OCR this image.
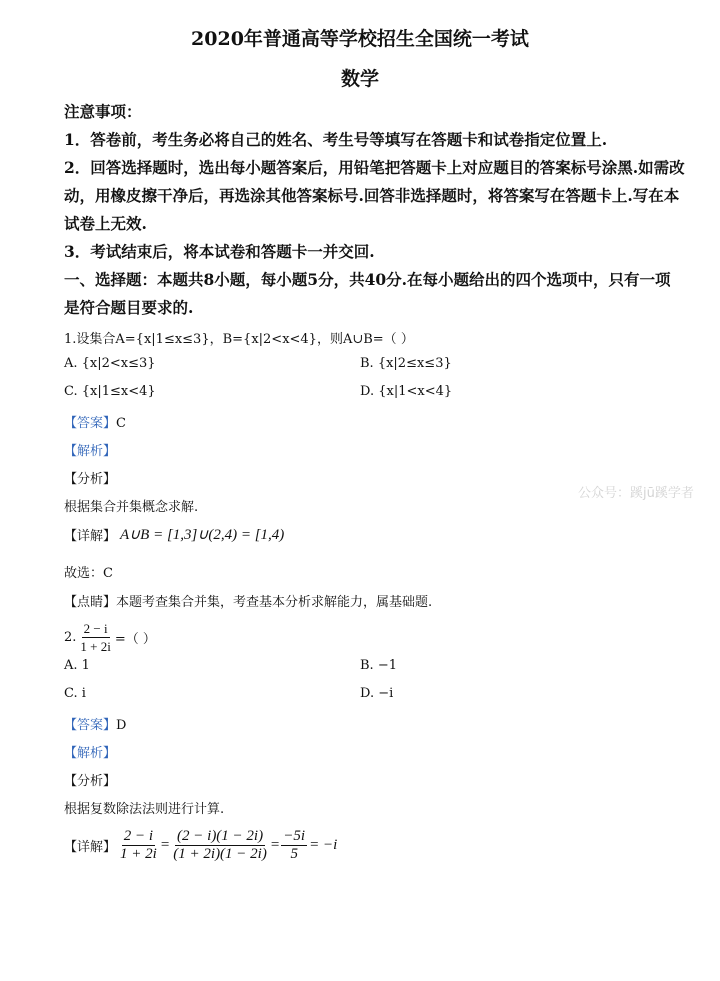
2020年普通高等学校招生全国统一考试
数学
注意事项：
1．答卷前，考生务必将自己的姓名、考生号等填写在答题卡和试卷指定位置上.
2．回答选择题时，选出每小题答案后，用铅笔把答题卡上对应题目的答案标号涂黑.如需改
动，用橡皮擦干净后，再选涂其他答案标号.回答非选择题时，将答案写在答题卡上.写在本
试卷上无效.
3．考试结束后，将本试卷和答题卡一并交回.
一、选择题：本题共8小题，每小题5分，共40分.在每小题给出的四个选项中，只有一项
是符合题目要求的.
1.设集合A={x|1≤x≤3}，B={x|2<x<4}，则A∪B=（ ）
A. {x|2<x≤3}	B. {x|2≤x≤3}
C. {x|1≤x<4}	D. {x|1<x<4}
【答案】C
【解析】
【分析】
根据集合并集概念求解.
【详解】 A∪B = [1,3]∪(2,4) = [1,4)
故选：C
【点睛】本题考查集合并集，考查基本分析求解能力，属基础题.
公众号：蹊jū蹊学者
2. $\frac{2 - i}{1 + 2i}$ =（ ）
A. 1	B. −1
C. i	D. −i
【答案】D
【解析】
【分析】
根据复数除法法则进行计算.
【详解】 $\frac{2 - i}{1 + 2i} = \frac{(2 - i)(1 - 2i)}{(1 + 2i)(1 - 2i)} = \frac{-5i}{5} = -i$
